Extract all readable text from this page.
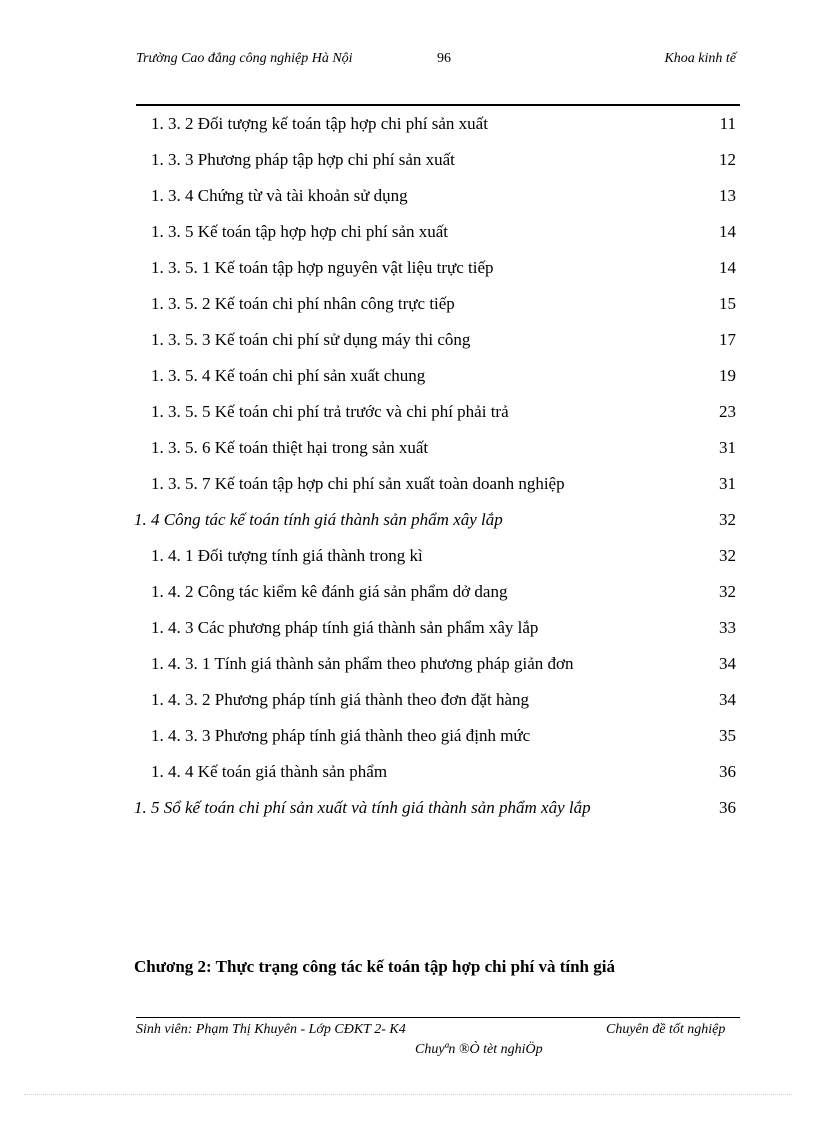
Trường Cao đẳng công nghiệp Hà Nội	96	Khoa kinh tế
1. 3. 2 Đối tượng kế toán tập hợp chi phí sản xuất	11
1. 3. 3 Phương pháp tập hợp chi phí sản xuất	12
1. 3. 4 Chứng từ và tài khoản sử dụng	13
1. 3. 5 Kế toán tập hợp hợp chi phí sản xuất	14
1. 3. 5. 1 Kế toán tập hợp nguyên vật liệu trực tiếp	14
1. 3. 5. 2 Kế toán chi phí nhân công trực tiếp	15
1. 3. 5. 3 Kế toán chi phí sử dụng máy thi công	17
1. 3. 5. 4 Kế toán chi phí sản xuất chung	19
1. 3. 5. 5 Kế toán chi phí trả trước và chi phí phải trả	23
1. 3. 5. 6 Kế toán thiệt hại trong sản xuất	31
1. 3. 5. 7 Kế toán tập hợp chi phí sản xuất toàn doanh nghiệp	31
1. 4 Công tác kế toán tính giá thành sản phẩm xây lắp	32
1. 4. 1 Đối tượng tính giá thành trong kì	32
1. 4. 2 Công tác kiểm kê đánh giá sản phẩm dở dang	32
1. 4. 3 Các phương pháp tính giá thành sản phẩm xây lắp	33
1. 4. 3. 1 Tính giá thành sản phẩm theo phương pháp giản đơn	34
1. 4. 3. 2 Phương pháp tính giá thành theo đơn đặt hàng	34
1. 4. 3. 3 Phương pháp tính giá thành theo giá định mức	35
1. 4. 4 Kế toán giá thành sản phẩm	36
1. 5 Sổ kế toán chi phí sản xuất và tính giá thành sản phẩm xây lắp	36
Chương 2: Thực trạng công tác kế toán tập hợp chi phí và tính giá
Sinh viên: Phạm Thị Khuyên - Lớp CĐKT 2- K4	Chuyên đề tốt nghiệp
Chuyªn ®Ò tèt nghiÖp
